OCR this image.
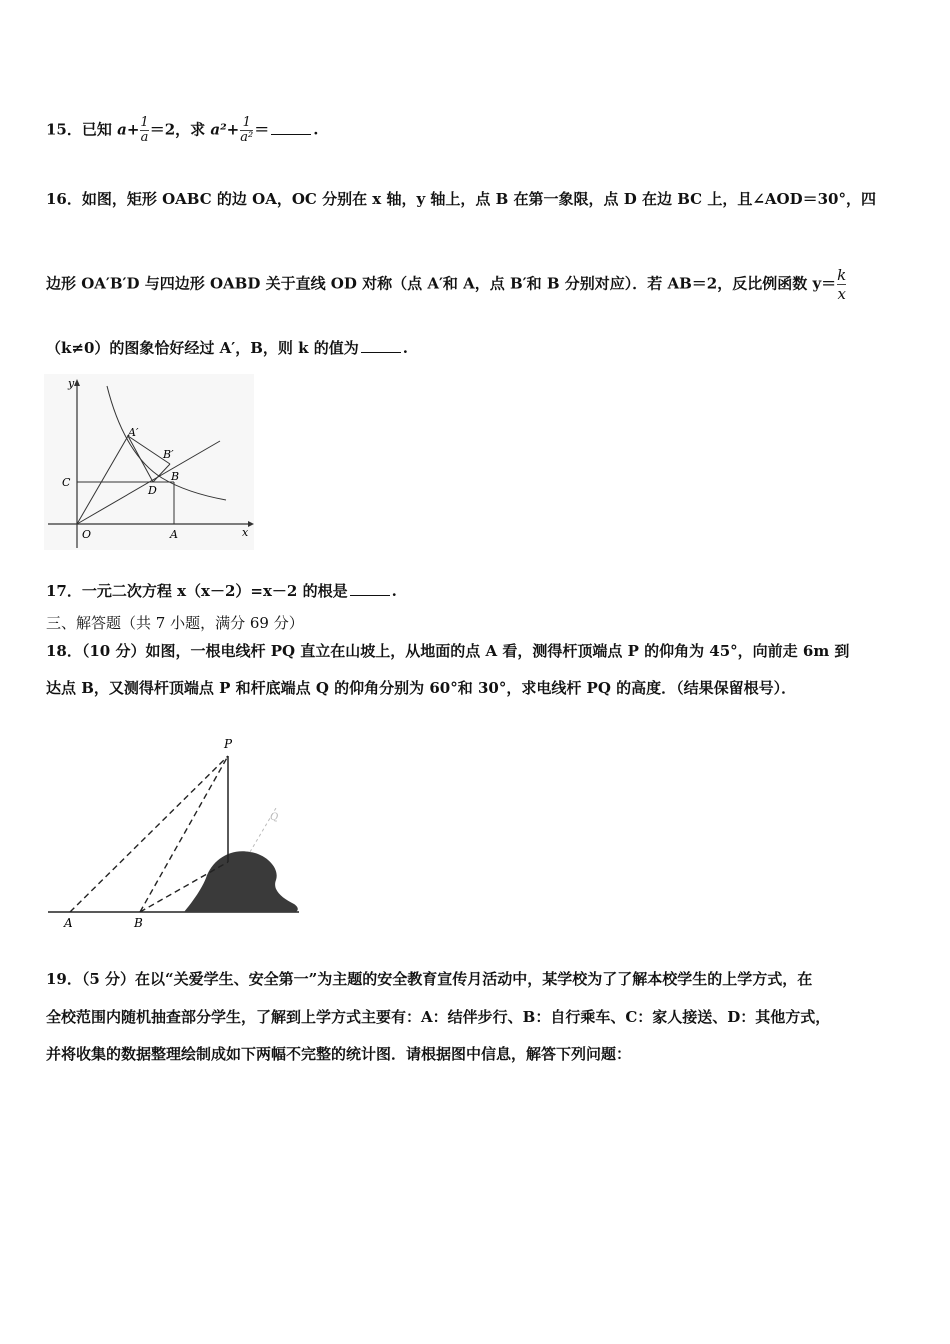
15．已知 $a+ \frac{1}{a} =2$，求 $a^2+ \frac{1}{\text{a²}}$ ＝	.
16．如图，矩形 OABC 的边 OA，OC 分别在 x 轴，y 轴上，点 B 在第一象限，点 D 在边 BC 上，且∠AOD＝30°，四
边形 OA′B′D 与四边形 OABD 关于直线 OD 对称（点 A′和 A，点 B′和 B 分别对应）．若 AB＝2，反比例函数 $y= \frac{k}{x}$
（k≠0）的图象恰好经过 A′，B，则 k 的值为	.
y
x
O	A
C
D
B
A′
B′
17．一元二次方程 x（x－2）=x－2 的根是	.
三、解答题（共 7 小题，满分 69 分）
18．（10 分）如图，一根电线杆 PQ 直立在山坡上，从地面的点 A 看，测得杆顶端点 P 的仰角为 45°，向前走 6m 到
达点 B，又测得杆顶端点 P 和杆底端点 Q 的仰角分别为 60°和 30°，求电线杆 PQ 的高度．（结果保留根号）．
P
A	B
Q
19．（5 分）在以“关爱学生、安全第一”为主题的安全教育宣传月活动中，某学校为了了解本校学生的上学方式，在
全校范围内随机抽查部分学生，了解到上学方式主要有：A：结伴步行、B：自行乘车、C：家人接送、D：其他方式，
并将收集的数据整理绘制成如下两幅不完整的统计图．请根据图中信息，解答下列问题：
